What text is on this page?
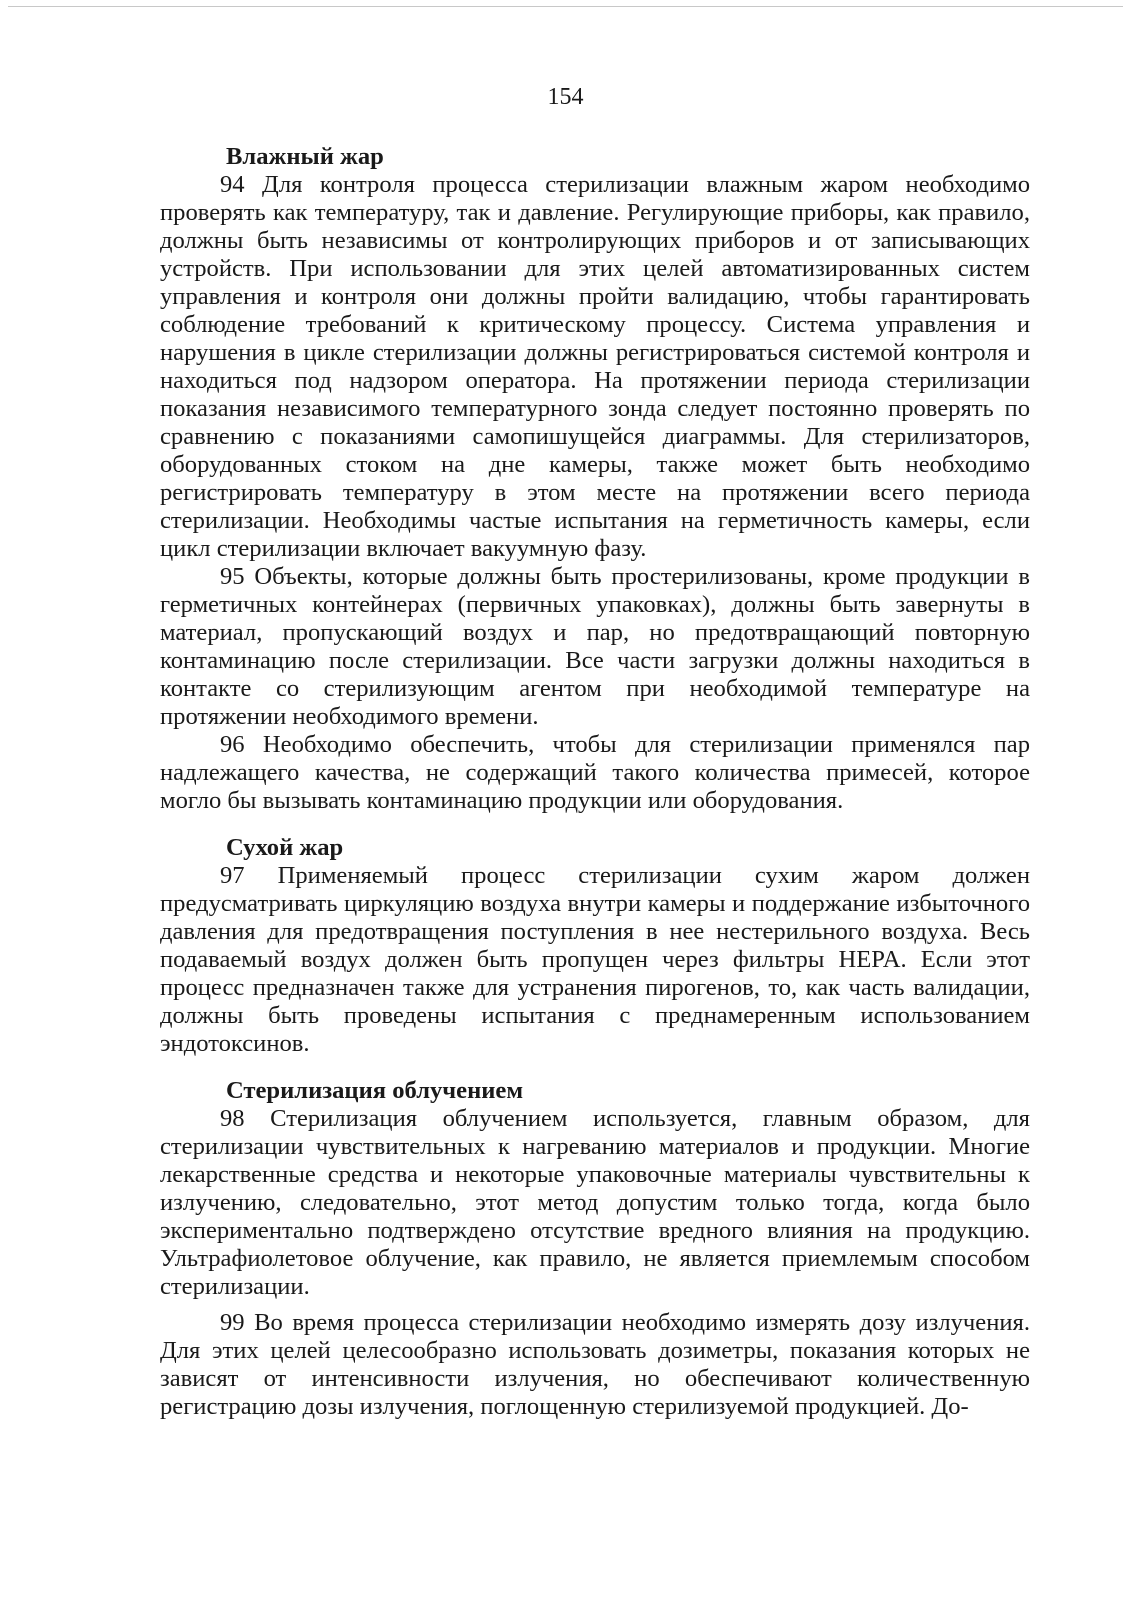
154
Влажный жар

94 Для контроля процесса стерилизации влажным жаром необходимо проверять как температуру, так и давление. Регулирующие приборы, как правило, должны быть независимы от контролирующих приборов и от записывающих устройств. При использовании для этих целей автоматизированных систем управления и контроля они должны пройти валидацию, чтобы гарантировать соблюдение требований к критическому процессу. Система управления и нарушения в цикле стерилизации должны регистрироваться системой контроля и находиться под надзором оператора. На протяжении периода стерилизации показания независимого температурного зонда следует постоянно проверять по сравнению с показаниями самопишущейся диаграммы. Для стерилизаторов, оборудованных стоком на дне камеры, также может быть необходимо регистрировать температуру в этом месте на протяжении всего периода стерилизации. Необходимы частые испытания на герметичность камеры, если цикл стерилизации включает вакуумную фазу.

95 Объекты, которые должны быть простерилизованы, кроме продукции в герметичных контейнерах (первичных упаковках), должны быть завернуты в материал, пропускающий воздух и пар, но предотвращающий повторную контаминацию после стерилизации. Все части загрузки должны находиться в контакте со стерилизующим агентом при необходимой температуре на протяжении необходимого времени.

96 Необходимо обеспечить, чтобы для стерилизации применялся пар надлежащего качества, не содержащий такого количества примесей, которое могло бы вызывать контаминацию продукции или оборудования.

Сухой жар

97 Применяемый процесс стерилизации сухим жаром должен предусматривать циркуляцию воздуха внутри камеры и поддержание избыточного давления для предотвращения поступления в нее нестерильного воздуха. Весь подаваемый воздух должен быть пропущен через фильтры HEPA. Если этот процесс предназначен также для устранения пирогенов, то, как часть валидации, должны быть проведены испытания с преднамеренным использованием эндотоксинов.

Стерилизация облучением

98 Стерилизация облучением используется, главным образом, для стерилизации чувствительных к нагреванию материалов и продукции. Многие лекарственные средства и некоторые упаковочные материалы чувствительны к излучению, следовательно, этот метод допустим только тогда, когда было экспериментально подтверждено отсутствие вредного влияния на продукцию. Ультрафиолетовое облучение, как правило, не является приемлемым способом стерилизации.

99 Во время процесса стерилизации необходимо измерять дозу излучения. Для этих целей целесообразно использовать дозиметры, показания которых не зависят от интенсивности излучения, но обеспечивают количественную регистрацию дозы излучения, поглощенную стерилизуемой продукцией. До-
